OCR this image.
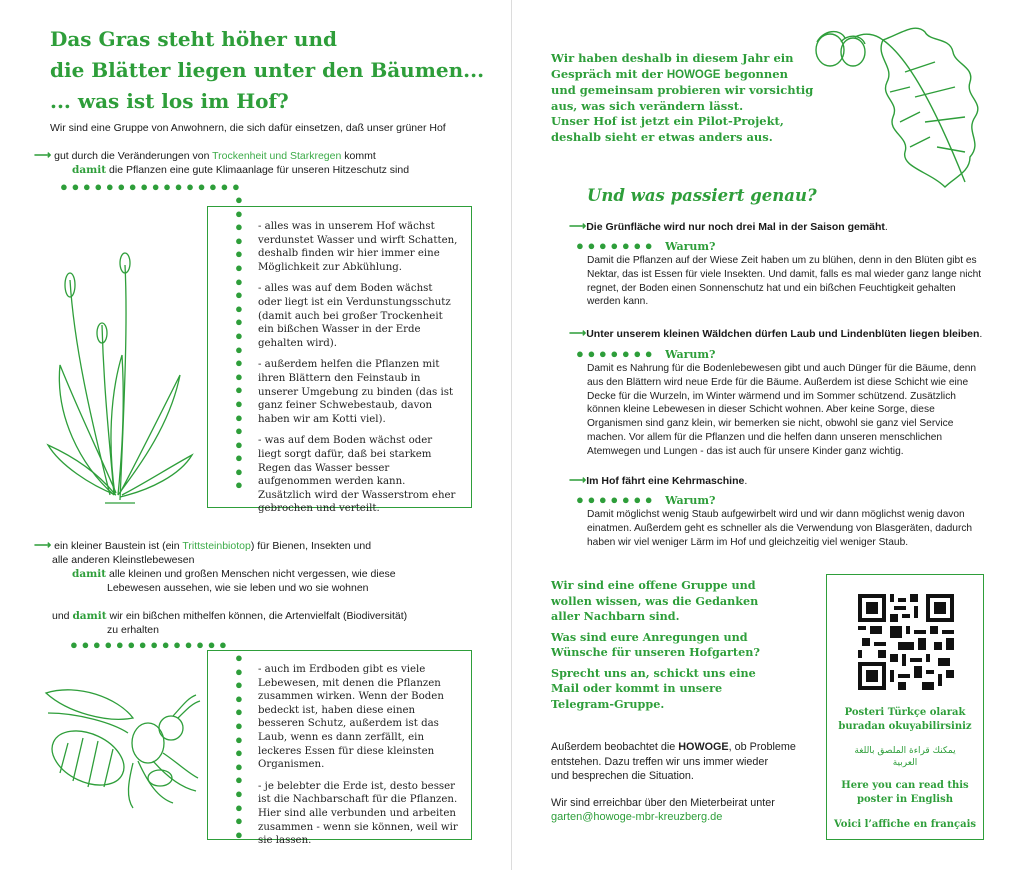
Das Gras steht höher und
die Blätter liegen unter den Bäumen...
... was ist los im Hof?
Wir sind eine Gruppe von Anwohnern, die sich dafür einsetzen, daß unser grüner Hof
⟶ gut durch die Veränderungen von Trockenheit und Starkregen kommt
damit die Pflanzen eine gute Klimaanlage für unseren Hitzeschutz sind
● ● ● ● ● ● ● ● ● ● ● ● ● ● ● ●
●
●
●
●
●
●
●
●
●
●
●
●
●
●
●
●
●
●
●
●
●
●

- alles was in unserem Hof wächst verdunstet Wasser und wirft Schatten, deshalb finden wir hier immer eine Möglichkeit zur Abkühlung.

- alles was auf dem Boden wächst oder liegt ist ein Verdunstungsschutz (damit auch bei großer Trockenheit ein bißchen Wasser in der Erde gehalten wird).

- außerdem helfen die Pflanzen mit ihren Blättern den Feinstaub in unserer Umgebung zu binden (das ist ganz feiner Schwebestaub, davon haben wir am Kotti viel).

- was auf dem Boden wächst oder liegt sorgt dafür, daß bei starkem Regen das Wasser besser aufgenommen werden kann. Zusätzlich wird der Wasserstrom eher gebrochen und verteilt.

⟶ ein kleiner Baustein ist (ein Trittsteinbiotop) für Bienen, Insekten und
alle anderen Kleinstlebewesen
damit alle kleinen und großen Menschen nicht vergessen, wie diese
Lebewesen aussehen, wie sie leben und wo sie wohnen
und damit wir ein bißchen mithelfen können, die Artenvielfalt (Biodiversität)
zu erhalten
● ● ● ● ● ● ● ● ● ● ● ● ● ●
●
●
●
●
●
●
●
●
●
●
●
●
●
●

- auch im Erdboden gibt es viele Lebewesen, mit denen die Pflanzen zusammen wirken. Wenn der Boden bedeckt ist, haben diese einen besseren Schutz, außerdem ist das Laub, wenn es dann zerfällt, ein leckeres Essen für diese kleinsten Organismen.

- je belebter die Erde ist, desto besser ist die Nachbarschaft für die Pflanzen. Hier sind alle verbunden und arbeiten zusammen - wenn sie können, weil wir sie lassen.

Wir haben deshalb in diesem Jahr ein
Gespräch mit der HOWOGE begonnen
und gemeinsam probieren wir vorsichtig
aus, was sich verändern lässt.
Unser Hof ist jetzt ein Pilot-Projekt,
deshalb sieht er etwas anders aus.
Und was passiert genau?
⟶Die Grünfläche wird nur noch drei Mal in der Saison gemäht.
● ● ● ● ● ● ● Warum?
Damit die Pflanzen auf der Wiese Zeit haben um zu blühen, denn in den Blüten gibt es Nektar, das ist Essen für viele Insekten. Und damit, falls es mal wieder ganz lange nicht regnet, der Boden einen Sonnenschutz hat und ein bißchen Feuchtigkeit gehalten werden kann.
⟶Unter unserem kleinen Wäldchen dürfen Laub und Lindenblüten liegen bleiben.
● ● ● ● ● ● ● Warum?
Damit es Nahrung für die Bodenlebewesen gibt und auch Dünger für die Bäume, denn aus den Blättern wird neue Erde für die Bäume. Außerdem ist diese Schicht wie eine Decke für die Wurzeln, im Winter wärmend und im Sommer schützend. Zusätzlich können kleine Lebewesen in dieser Schicht wohnen. Aber keine Sorge, diese Organismen sind ganz klein, wir bemerken sie nicht, obwohl sie ganz viel Service machen. Vor allem für die Pflanzen und die helfen dann unseren menschlichen Atemwegen und Lungen - das ist auch für unsere Kinder ganz wichtig.
⟶Im Hof fährt eine Kehrmaschine.
● ● ● ● ● ● ● Warum?
Damit möglichst wenig Staub aufgewirbelt wird und wir dann möglichst wenig davon einatmen. Außerdem geht es schneller als die Verwendung von Blasgeräten, dadurch haben wir viel weniger Lärm im Hof und gleichzeitig viel weniger Staub.
Wir sind eine offene Gruppe und
wollen wissen, was die Gedanken
aller Nachbarn sind.
Was sind eure Anregungen und
Wünsche für unseren Hofgarten?
Sprecht uns an, schickt uns eine
Mail oder kommt in unsere
Telegram-Gruppe.
Außerdem beobachtet die HOWOGE, ob Probleme
entstehen. Dazu treffen wir uns immer wieder
und besprechen die Situation.
Wir sind erreichbar über den Mieterbeirat unter
garten@howoge-mbr-kreuzberg.de
Posteri Türkçe olarak
buradan okuyabilirsiniz
يمكنك قراءة الملصق باللغة العربية
Here you can read this
poster in English
Voici l’affiche en français
